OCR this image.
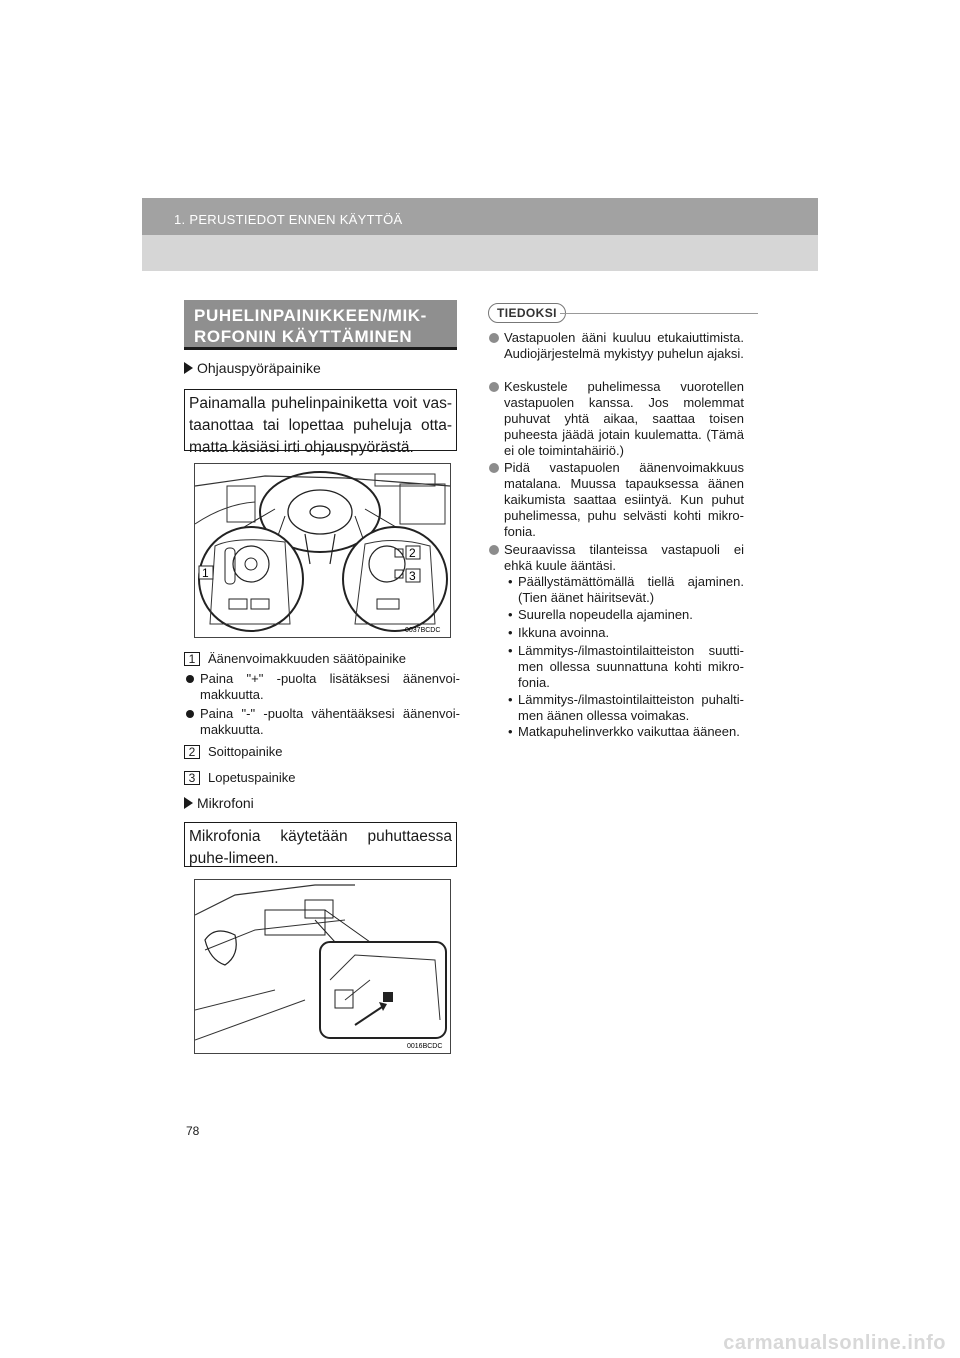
1. PERUSTIEDOT ENNEN KÄYTTÖÄ
PUHELINPAINIKKEEN/MIK-ROFONIN KÄYTTÄMINEN
Ohjauspyöräpainike
Painamalla puhelinpainiketta voit vas-taanottaa tai lopettaa puheluja otta-matta käsiäsi irti ohjauspyörästä.
1
2
3
0037BCDC
1 Äänenvoimakkuuden säätöpainike
Paina "+" -puolta lisätäksesi äänenvoi-makkuutta.
Paina "-" -puolta vähentääksesi äänenvoi-makkuutta.
2 Soittopainike
3 Lopetuspainike
Mikrofoni
Mikrofonia käytetään puhuttaessa puhe-limeen.
0016BCDC
TIEDOKSI
Vastapuolen ääni kuuluu etukaiuttimista. Audiojärjestelmä mykistyy puhelun ajaksi.
Keskustele puhelimessa vuorotellen vastapuolen kanssa. Jos molemmat puhuvat yhtä aikaa, saattaa toisen puheesta jäädä jotain kuulematta. (Tämä ei ole toimintahäiriö.)
Pidä vastapuolen äänenvoimakkuus matalana. Muussa tapauksessa äänen kaikumista saattaa esiintyä. Kun puhut puhelimessa, puhu selvästi kohti mikro-fonia.
Seuraavissa tilanteissa vastapuoli ei ehkä kuule ääntäsi.
• Päällystämättömällä tiellä ajaminen. (Tien äänet häiritsevät.)
• Suurella nopeudella ajaminen.
• Ikkuna avoinna.
• Lämmitys-/ilmastointilaitteiston suutti-men ollessa suunnattuna kohti mikro-fonia.
• Lämmitys-/ilmastointilaitteiston puhalti-men äänen ollessa voimakas.
• Matkapuhelinverkko vaikuttaa ääneen.
78
carmanualsonline.info
